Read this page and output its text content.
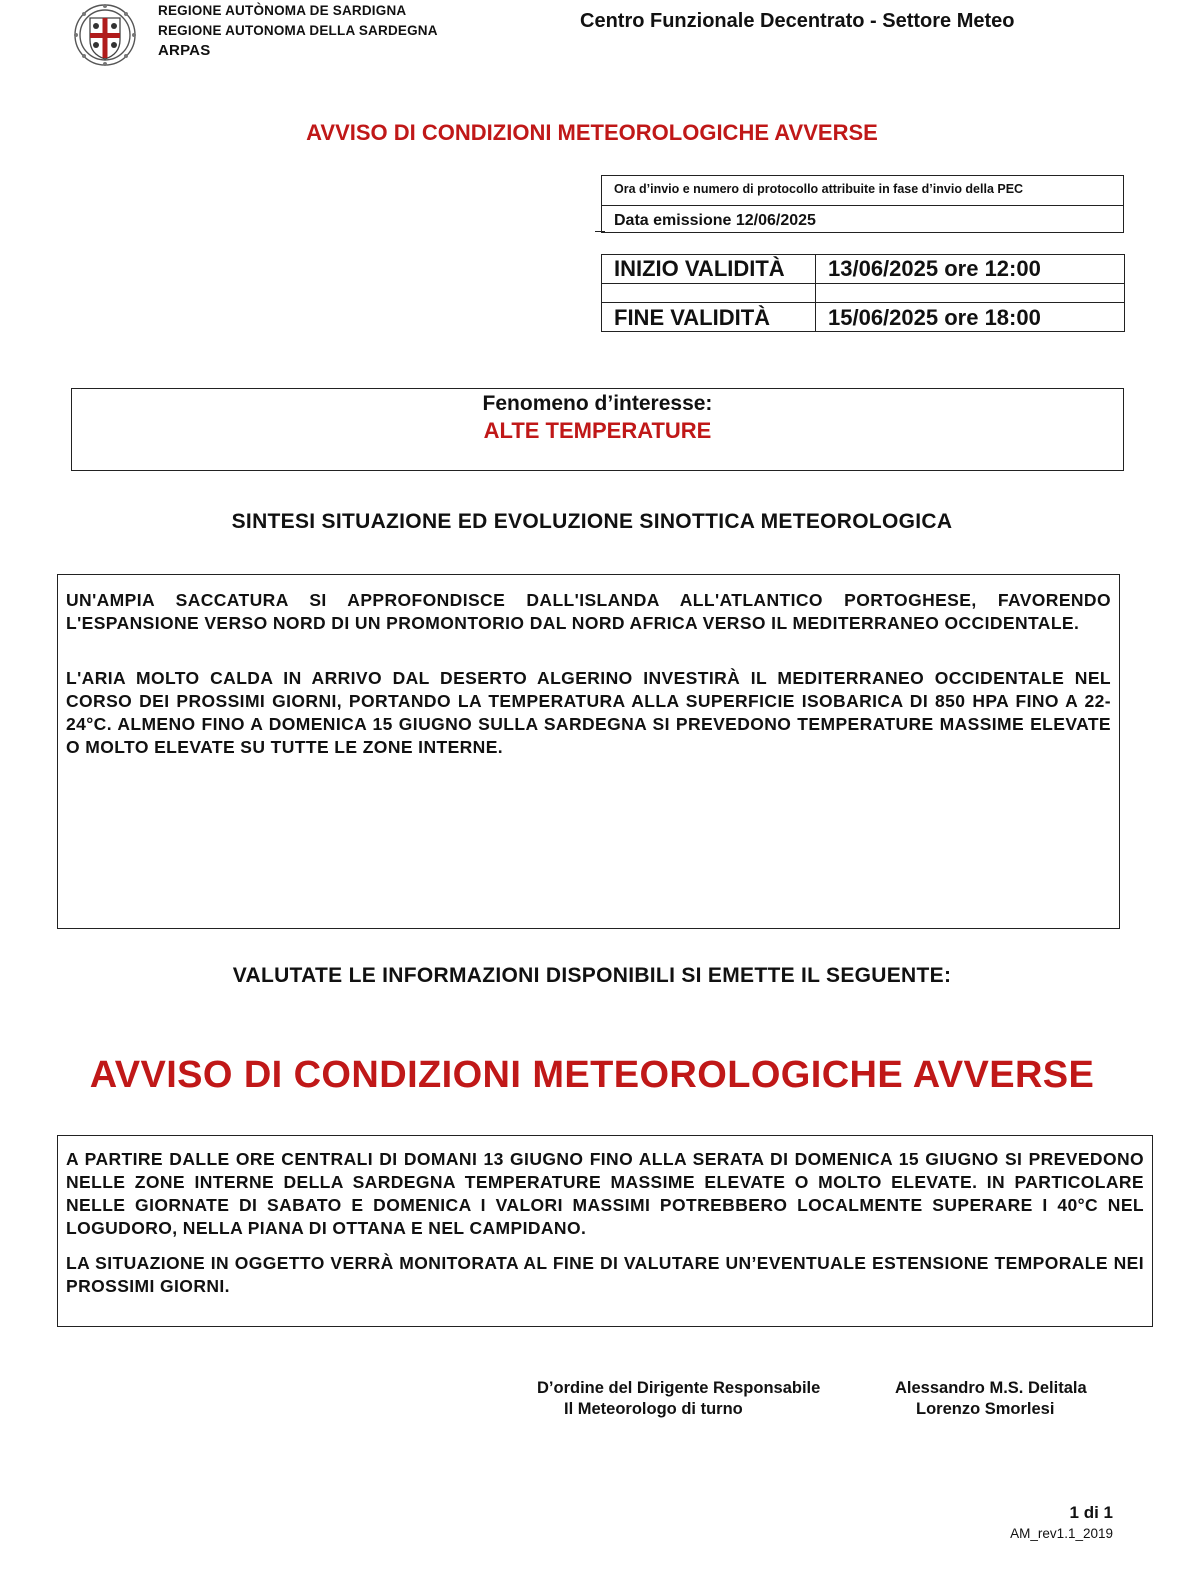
REGIONE AUTÒNOMA DE SARDIGNA
REGIONE AUTONOMA DELLA SARDEGNA
ARPAS
Centro Funzionale Decentrato - Settore Meteo
AVVISO DI CONDIZIONI METEOROLOGICHE AVVERSE
Ora d’invio e numero di protocollo attribuite in fase d’invio della PEC
Data emissione 12/06/2025
INIZIO VALIDITÀ 13/06/2025 ore 12:00
FINE VALIDITÀ	15/06/2025 ore 18:00
Fenomeno d’interesse:
ALTE TEMPERATURE
SINTESI SITUAZIONE ED EVOLUZIONE SINOTTICA METEOROLOGICA

UN'AMPIA SACCATURA SI APPROFONDISCE DALL'ISLANDA ALL'ATLANTICO PORTOGHESE, FAVORENDO L'ESPANSIONE VERSO NORD DI UN PROMONTORIO DAL NORD AFRICA VERSO IL MEDITERRANEO OCCIDENTALE.

L'ARIA MOLTO CALDA IN ARRIVO DAL DESERTO ALGERINO INVESTIRÀ IL MEDITERRANEO OCCIDENTALE NEL CORSO DEI PROSSIMI GIORNI, PORTANDO LA TEMPERATURA ALLA SUPERFICIE ISOBARICA DI 850 HPA FINO A 22-24°C. ALMENO FINO A DOMENICA 15 GIUGNO SULLA SARDEGNA SI PREVEDONO TEMPERATURE MASSIME ELEVATE O MOLTO ELEVATE SU TUTTE LE ZONE INTERNE.

VALUTATE LE INFORMAZIONI DISPONIBILI SI EMETTE IL SEGUENTE:
AVVISO DI CONDIZIONI METEOROLOGICHE AVVERSE

A PARTIRE DALLE ORE CENTRALI DI DOMANI 13 GIUGNO FINO ALLA SERATA DI DOMENICA 15 GIUGNO SI PREVEDONO NELLE ZONE INTERNE DELLA SARDEGNA TEMPERATURE MASSIME ELEVATE O MOLTO ELEVATE. IN PARTICOLARE NELLE GIORNATE DI SABATO E DOMENICA I VALORI MASSIMI POTREBBERO LOCALMENTE SUPERARE I 40°C NEL LOGUDORO, NELLA PIANA DI OTTANA E NEL CAMPIDANO.

LA SITUAZIONE IN OGGETTO VERRÀ MONITORATA AL FINE DI VALUTARE UN’EVENTUALE ESTENSIONE TEMPORALE NEI PROSSIMI GIORNI.

D’ordine del Dirigente Responsabile
Il Meteorologo di turno
Alessandro M.S. Delitala
Lorenzo Smorlesi
1 di 1
AM_rev1.1_2019
